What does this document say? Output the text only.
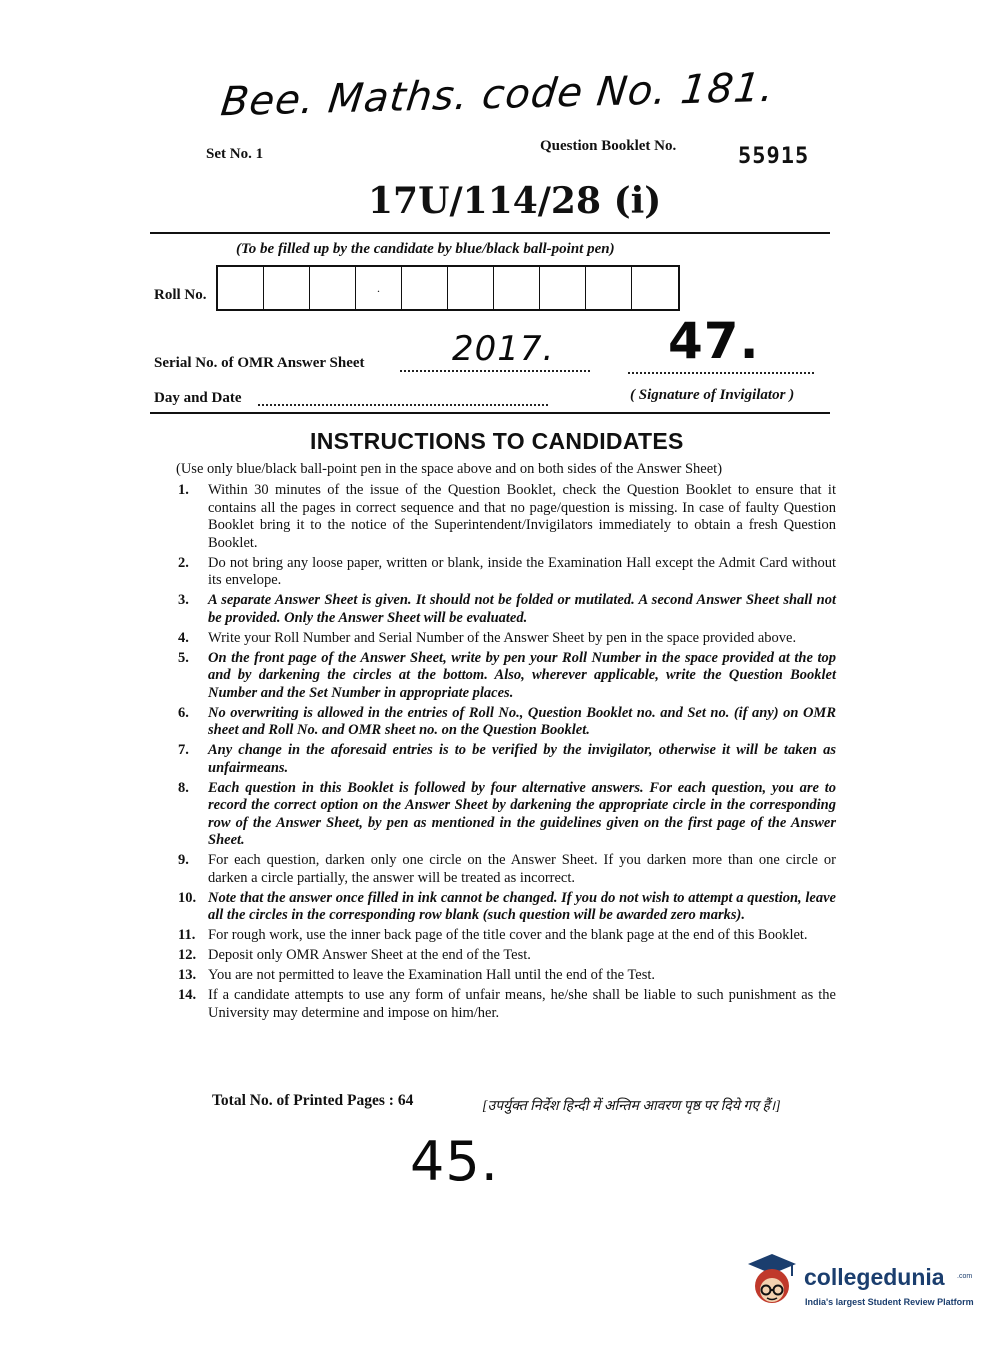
Bee. Maths. code No. 181.
Set No. 1	Question Booklet No.	55915
17U/114/28 (i)
(To be filled up by the candidate by blue/black ball-point pen)
Roll No.	.
Serial No. of OMR Answer Sheet	2017. 47.
Day and Date	( Signature of Invigilator )
INSTRUCTIONS TO CANDIDATES
(Use only blue/black ball-point pen in the space above and on both sides of the Answer Sheet)
1.	Within 30 minutes of the issue of the Question Booklet, check the Question Booklet to ensure that it contains all the pages in correct sequence and that no page/question is missing. In case of faulty Question Booklet bring it to the notice of the Superintendent/Invigilators immediately to obtain a fresh Question Booklet.
2.	Do not bring any loose paper, written or blank, inside the Examination Hall except the Admit Card without its envelope.
3.	A separate Answer Sheet is given. It should not be folded or mutilated. A second Answer Sheet shall not be provided. Only the Answer Sheet will be evaluated.
4.	Write your Roll Number and Serial Number of the Answer Sheet by pen in the space provided above.
5.	On the front page of the Answer Sheet, write by pen your Roll Number in the space provided at the top and by darkening the circles at the bottom. Also, wherever applicable, write the Question Booklet Number and the Set Number in appropriate places.
6.	No overwriting is allowed in the entries of Roll No., Question Booklet no. and Set no. (if any) on OMR sheet and Roll No. and OMR sheet no. on the Question Booklet.
7.	Any change in the aforesaid entries is to be verified by the invigilator, otherwise it will be taken as unfairmeans.
8.	Each question in this Booklet is followed by four alternative answers. For each question, you are to record the correct option on the Answer Sheet by darkening the appropriate circle in the corresponding row of the Answer Sheet, by pen as mentioned in the guidelines given on the first page of the Answer Sheet.
9.	For each question, darken only one circle on the Answer Sheet. If you darken more than one circle or darken a circle partially, the answer will be treated as incorrect.
10. Note that the answer once filled in ink cannot be changed. If you do not wish to attempt a question, leave all the circles in the corresponding row blank (such question will be awarded zero marks).
11. For rough work, use the inner back page of the title cover and the blank page at the end of this Booklet.
12. Deposit only OMR Answer Sheet at the end of the Test.
13. You are not permitted to leave the Examination Hall until the end of the Test.
14. If a candidate attempts to use any form of unfair means, he/she shall be liable to such punishment as the University may determine and impose on him/her.
Total No. of Printed Pages : 64	[उपर्युक्त निर्देश हिन्दी में अन्तिम आवरण पृष्ठ पर दिये गए हैं।]
45.
collegedunia .com
India's largest Student Review Platform
